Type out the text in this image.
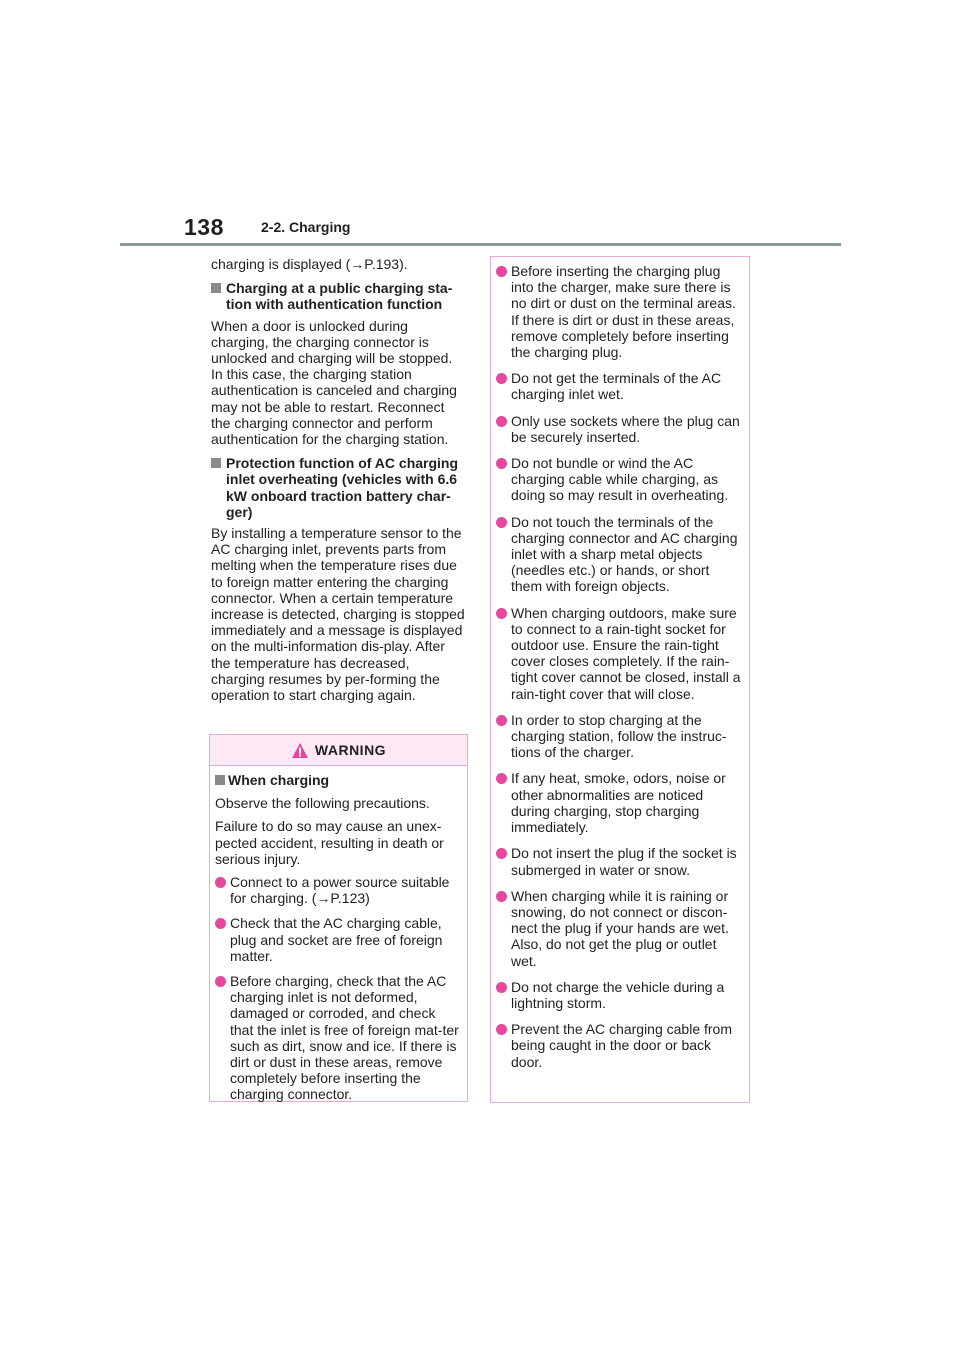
138	2-2. Charging

charging is displayed (→P.193).

Charging at a public charging sta-tion with authentication function

When a door is unlocked during charging, the charging connector is unlocked and charging will be stopped. In this case, the charging station authentication is canceled and charging may not be able to restart. Reconnect the charging connector and perform authentication for the charging station.

Protection function of AC charging inlet overheating (vehicles with 6.6 kW onboard traction battery char-ger)

By installing a temperature sensor to the AC charging inlet, prevents parts from melting when the temperature rises due to foreign matter entering the charging connector. When a certain temperature increase is detected, charging is stopped immediately and a message is displayed on the multi-information dis-play. After the temperature has decreased, charging resumes by per-forming the operation to start charging again.

WARNING

When charging

Observe the following precautions.

Failure to do so may cause an unex-pected accident, resulting in death or serious injury.

Connect to a power source suitable for charging. (→P.123)
Check that the AC charging cable, plug and socket are free of foreign matter.
Before charging, check that the AC charging inlet is not deformed, damaged or corroded, and check that the inlet is free of foreign mat-ter such as dirt, snow and ice. If there is dirt or dust in these areas, remove completely before inserting the charging connector.
Before inserting the charging plug into the charger, make sure there is no dirt or dust on the terminal areas. If there is dirt or dust in these areas, remove completely before inserting the charging plug.
Do not get the terminals of the AC charging inlet wet.
Only use sockets where the plug can be securely inserted.
Do not bundle or wind the AC charging cable while charging, as doing so may result in overheating.
Do not touch the terminals of the charging connector and AC charging inlet with a sharp metal objects (needles etc.) or hands, or short them with foreign objects.
When charging outdoors, make sure to connect to a rain-tight socket for outdoor use. Ensure the rain-tight cover closes completely. If the rain-tight cover cannot be closed, install a rain-tight cover that will close.
In order to stop charging at the charging station, follow the instruc-tions of the charger.
If any heat, smoke, odors, noise or other abnormalities are noticed during charging, stop charging immediately.
Do not insert the plug if the socket is submerged in water or snow.
When charging while it is raining or snowing, do not connect or discon-nect the plug if your hands are wet. Also, do not get the plug or outlet wet.
Do not charge the vehicle during a lightning storm.
Prevent the AC charging cable from being caught in the door or back door.
